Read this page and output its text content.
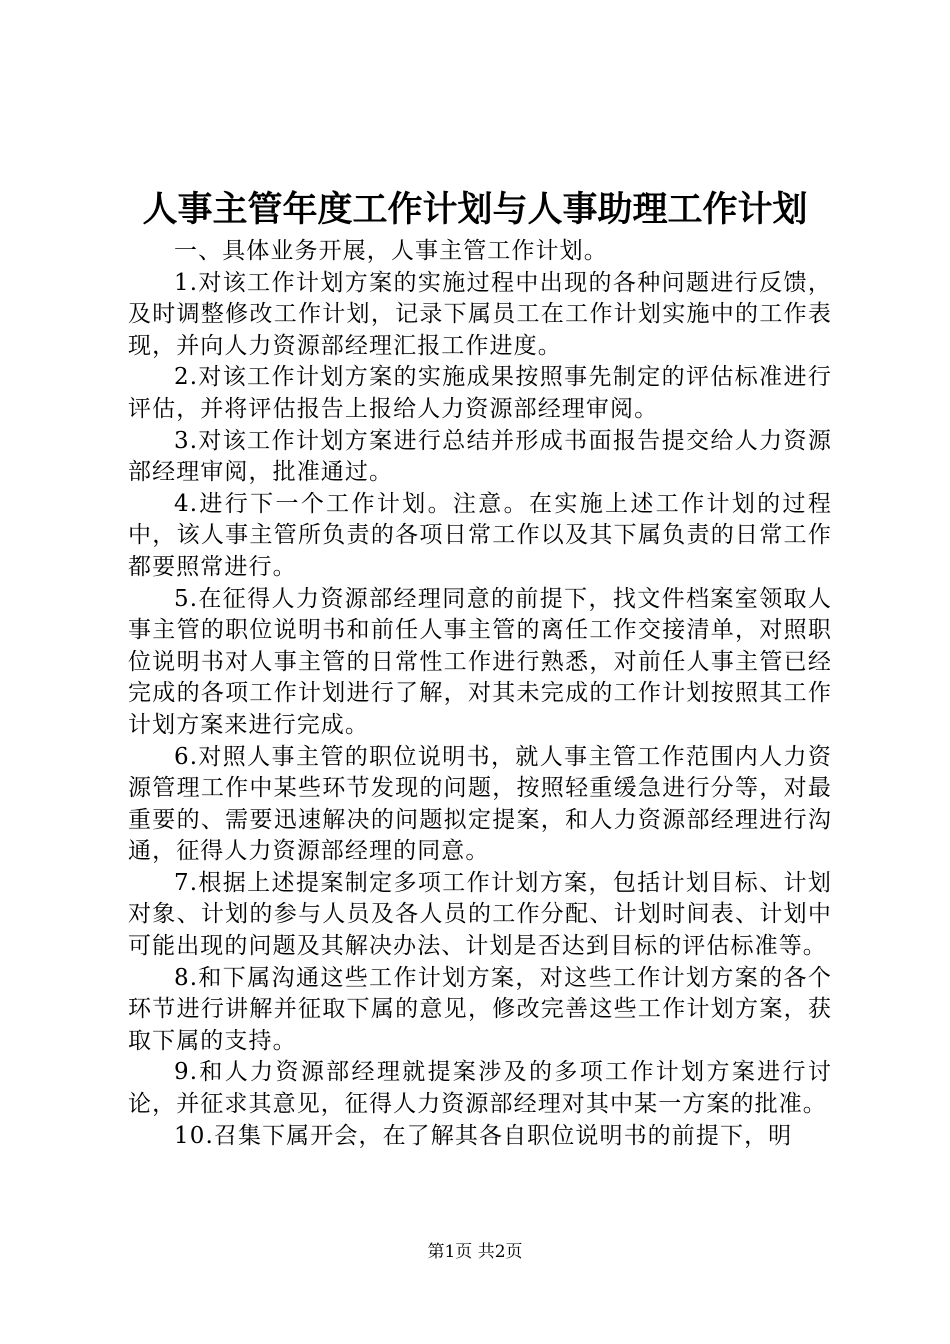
人事主管年度工作计划与人事助理工作计划

一、具体业务开展，人事主管工作计划。

1.对该工作计划方案的实施过程中出现的各种问题进行反馈，及时调整修改工作计划，记录下属员工在工作计划实施中的工作表现，并向人力资源部经理汇报工作进度。

2.对该工作计划方案的实施成果按照事先制定的评估标准进行评估，并将评估报告上报给人力资源部经理审阅。

3.对该工作计划方案进行总结并形成书面报告提交给人力资源部经理审阅，批准通过。

4.进行下一个工作计划。注意。在实施上述工作计划的过程中，该人事主管所负责的各项日常工作以及其下属负责的日常工作都要照常进行。

5.在征得人力资源部经理同意的前提下，找文件档案室领取人事主管的职位说明书和前任人事主管的离任工作交接清单，对照职位说明书对人事主管的日常性工作进行熟悉，对前任人事主管已经完成的各项工作计划进行了解，对其未完成的工作计划按照其工作计划方案来进行完成。

6.对照人事主管的职位说明书，就人事主管工作范围内人力资源管理工作中某些环节发现的问题，按照轻重缓急进行分等，对最重要的、需要迅速解决的问题拟定提案，和人力资源部经理进行沟通，征得人力资源部经理的同意。

7.根据上述提案制定多项工作计划方案，包括计划目标、计划对象、计划的参与人员及各人员的工作分配、计划时间表、计划中可能出现的问题及其解决办法、计划是否达到目标的评估标准等。

8.和下属沟通这些工作计划方案，对这些工作计划方案的各个环节进行讲解并征取下属的意见，修改完善这些工作计划方案，获取下属的支持。

9.和人力资源部经理就提案涉及的多项工作计划方案进行讨论，并征求其意见，征得人力资源部经理对其中某一方案的批准。

10.召集下属开会，在了解其各自职位说明书的前提下，明

第1页 共2页
